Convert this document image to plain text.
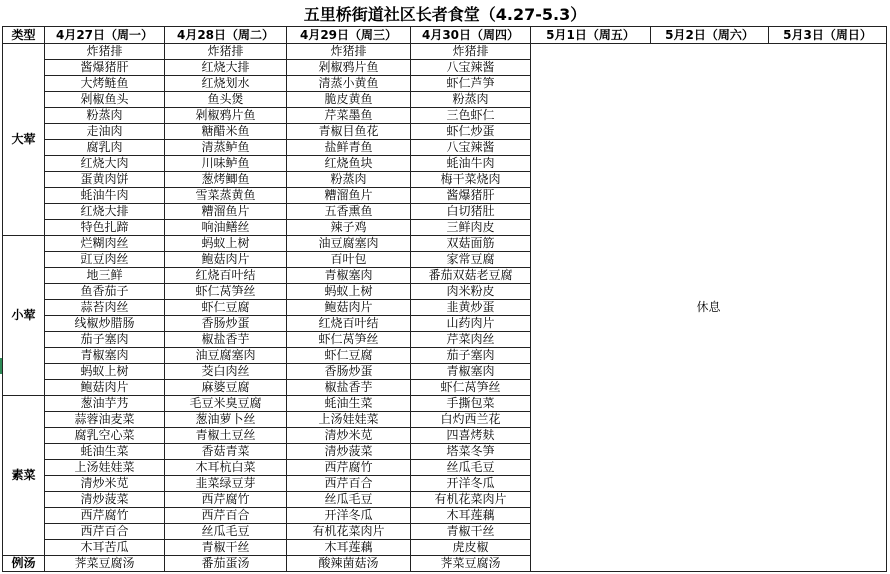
五里桥街道社区长者食堂（4.27-5.3）
类型	4月27日（周一）	4月28日（周二）	4月29日（周三）	4月30日（周四）	5月1日（周五）	5月2日（周六）	5月3日（周日）
大荤	炸猪排	炸猪排	炸猪排	炸猪排	休息		
	酱爆猪肝	红烧大排	剁椒鸦片鱼	八宝辣酱			
	大烤鲢鱼	红烧划水	清蒸小黄鱼	虾仁芦笋			
	剁椒鱼头	鱼头煲	脆皮黄鱼	粉蒸肉			
	粉蒸肉	剁椒鸦片鱼	芹菜墨鱼	三色虾仁			
	走油肉	糖醋米鱼	青椒目鱼花	虾仁炒蛋			
	腐乳肉	清蒸鲈鱼	盐鲜青鱼	八宝辣酱			
	红烧大肉	川味鲈鱼	红烧鱼块	蚝油牛肉			
	蛋黄肉饼	葱烤鲫鱼	粉蒸肉	梅干菜烧肉			
	蚝油牛肉	雪菜蒸黄鱼	糟溜鱼片	酱爆猪肝			
	红烧大排	糟溜鱼片	五香熏鱼	白切猪肚			
	特色扎蹄	响油鳝丝	辣子鸡	三鲜肉皮			
小荤	烂糊肉丝	蚂蚁上树	油豆腐塞肉	双菇面筋			
	豇豆肉丝	鲍菇肉片	百叶包	家常豆腐			
	地三鲜	红烧百叶结	青椒塞肉	番茄双菇老豆腐			
	鱼香茄子	虾仁莴笋丝	蚂蚁上树	肉米粉皮			
	蒜苔肉丝	虾仁豆腐	鲍菇肉片	韭黄炒蛋			
	线椒炒腊肠	香肠炒蛋	红烧百叶结	山药肉片			
	茄子塞肉	椒盐香芋	虾仁莴笋丝	芹菜肉丝			
	青椒塞肉	油豆腐塞肉	虾仁豆腐	茄子塞肉			
	蚂蚁上树	茭白肉丝	香肠炒蛋	青椒塞肉			
	鲍菇肉片	麻婆豆腐	椒盐香芋	虾仁莴笋丝			
素菜	葱油芋艿	毛豆米臭豆腐	蚝油生菜	手撕包菜			
	蒜蓉油麦菜	葱油萝卜丝	上汤娃娃菜	白灼西兰花			
	腐乳空心菜	青椒土豆丝	清炒米苋	四喜烤麸			
	蚝油生菜	香菇青菜	清炒菠菜	塔菜冬笋			
	上汤娃娃菜	木耳杭白菜	西芹腐竹	丝瓜毛豆			
	清炒米苋	韭菜绿豆芽	西芹百合	开洋冬瓜			
	清炒菠菜	西芹腐竹	丝瓜毛豆	有机花菜肉片			
	西芹腐竹	西芹百合	开洋冬瓜	木耳莲藕			
	西芹百合	丝瓜毛豆	有机花菜肉片	青椒干丝			
	木耳苦瓜	青椒干丝	木耳莲藕	虎皮椒			
例汤	荠菜豆腐汤	番茄蛋汤	酸辣菌菇汤	荠菜豆腐汤			
